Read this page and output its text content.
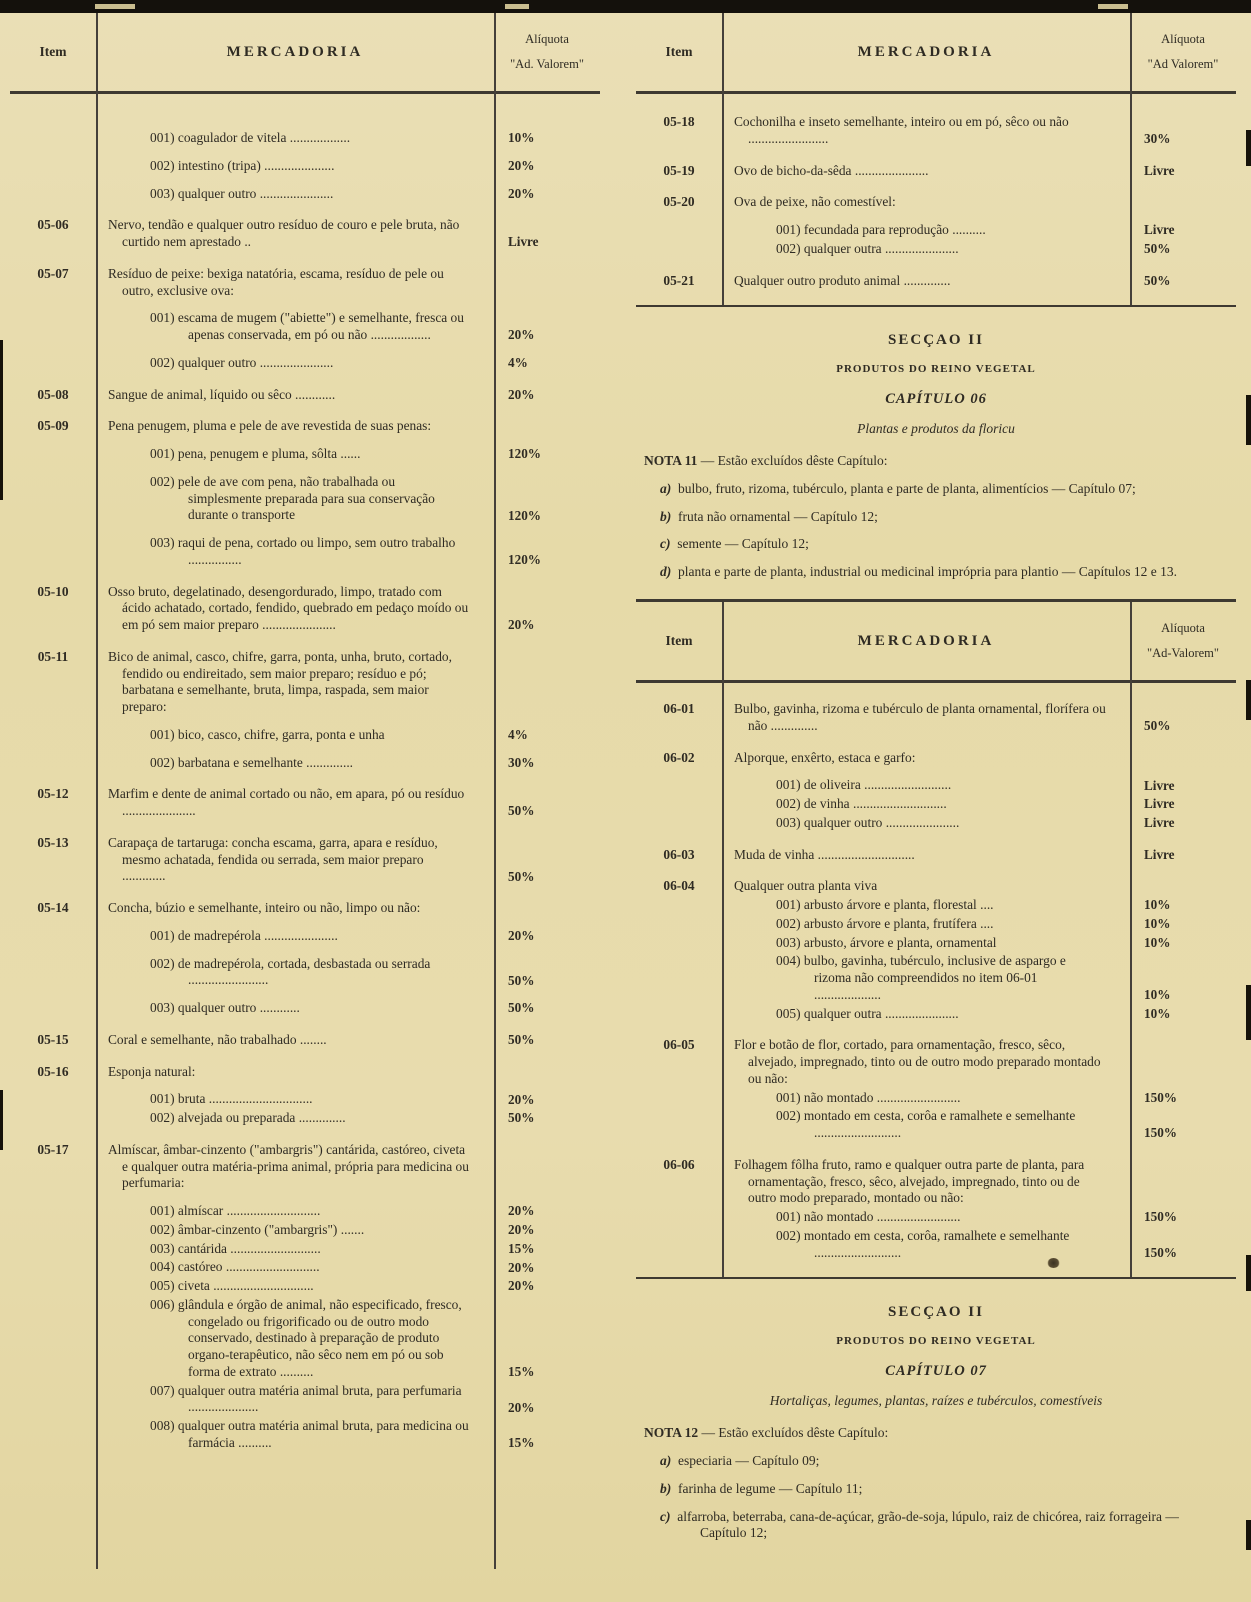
Item	MERCADORIA
Alíquota
"Ad. Valorem"

001) coagulador de vitela ..................	10%

002) intestino (tripa) .....................	20%

003) qualquer outro ......................	20%
05-06	Nervo, tendão e qualquer outro resíduo de couro e pele bruta, não curtido nem aprestado ..	Livre
05-07	Resíduo de peixe: bexiga natatória, escama, resíduo de pele ou outro, exclusive ova:

001) escama de mugem ("abiette") e semelhante, fresca ou apenas conservada, em pó ou não ..................	20%

002) qualquer outro ......................	4%
05-08	Sangue de animal, líquido ou sêco ............	20%
05-09	Pena penugem, pluma e pele de ave revestida de suas penas:

001) pena, penugem e pluma, sôlta ......	120%

002) pele de ave com pena, não trabalhada ou simplesmente preparada para sua conservação durante o transporte	120%

003) raqui de pena, cortado ou limpo, sem outro trabalho ................	120%
05-10	Osso bruto, degelatinado, desengordurado, limpo, tratado com ácido achatado, cortado, fendido, quebrado em pedaço moído ou em pó sem maior preparo ......................	20%
05-11	Bico de animal, casco, chifre, garra, ponta, unha, bruto, cortado, fendido ou endireitado, sem maior preparo; resíduo e pó; barbatana e semelhante, bruta, limpa, raspada, sem maior preparo:

001) bico, casco, chifre, garra, ponta e unha	4%

002) barbatana e semelhante ..............	30%
05-12	Marfim e dente de animal cortado ou não, em apara, pó ou resíduo ......................	50%
05-13	Carapaça de tartaruga: concha escama, garra, apara e resíduo, mesmo achatada, fendida ou serrada, sem maior preparo .............	50%
05-14	Concha, búzio e semelhante, inteiro ou não, limpo ou não:

001) de madrepérola ......................	20%

002) de madrepérola, cortada, desbastada ou serrada ........................	50%

003) qualquer outro ............	50%
05-15	Coral e semelhante, não trabalhado ........	50%
05-16	Esponja natural:

001) bruta ...............................	20%

002) alvejada ou preparada ..............	50%
05-17	Almíscar, âmbar-cinzento ("ambargris") cantárida, castóreo, civeta e qualquer outra matéria-prima animal, própria para medicina ou perfumaria:

001) almíscar ............................	20%

002) âmbar-cinzento ("ambargris") .......	20%

003) cantárida ...........................	15%

004) castóreo ............................	20%

005) civeta ..............................	20%

006) glândula e órgão de animal, não especificado, fresco, congelado ou frigorificado ou de outro modo conservado, destinado à preparação de produto organo-terapêutico, não sêco nem em pó ou sob forma de extrato ..........	15%

007) qualquer outra matéria animal bruta, para perfumaria .....................	20%

008) qualquer outra matéria animal bruta, para medicina ou farmácia ..........	15%
Item	MERCADORIA
Alíquota
"Ad Valorem"
05-18	Cochonilha e inseto semelhante, inteiro ou em pó, sêco ou não ........................	30%
05-19	Ovo de bicho-da-sêda ......................	Livre
05-20	Ova de peixe, não comestível:

001) fecundada para reprodução ..........	Livre

002) qualquer outra ......................	50%
05-21	Qualquer outro produto animal ..............	50%
SECÇAO II
PRODUTOS DO REINO VEGETAL
CAPÍTULO 06
Plantas e produtos da floricu
NOTA 11 — Estão excluídos dêste Capítulo:
a)  bulbo, fruto, rizoma, tubérculo, planta e parte de planta, alimentícios — Capítulo 07;
b)  fruta não ornamental — Capítulo 12;
c)  semente — Capítulo 12;
d)  planta e parte de planta, industrial ou medicinal imprópria para plantio — Capítulos 12 e 13.
Item	MERCADORIA
Alíquota
"Ad-Valorem"
06-01	Bulbo, gavinha, rizoma e tubérculo de planta ornamental, florífera ou não ..............	50%
06-02	Alporque, enxêrto, estaca e garfo:

001) de oliveira ..........................	Livre

002) de vinha ............................	Livre

003) qualquer outro ......................	Livre
06-03	Muda de vinha .............................	Livre
06-04	Qualquer outra planta viva

001) arbusto árvore e planta, florestal ....	10%

002) arbusto árvore e planta, frutífera ....	10%

003) arbusto, árvore e planta, ornamental	10%

004) bulbo, gavinha, tubérculo, inclusive de aspargo e rizoma não compreendidos no item 06-01 ....................	10%

005) qualquer outra ......................	10%
06-05	Flor e botão de flor, cortado, para ornamentação, fresco, sêco, alvejado, impregnado, tinto ou de outro modo preparado montado ou não:

001) não montado .........................	150%

002) montado em cesta, corôa e ramalhete e semelhante ..........................	150%
06-06	Folhagem fôlha fruto, ramo e qualquer outra parte de planta, para ornamentação, fresco, sêco, alvejado, impregnado, tinto ou de outro modo preparado, montado ou não:

001) não montado .........................	150%

002) montado em cesta, corôa, ramalhete e semelhante ..........................	150%
SECÇAO II
PRODUTOS DO REINO VEGETAL
CAPÍTULO 07
Hortaliças, legumes, plantas, raízes e tubérculos, comestíveis
NOTA 12 — Estão excluídos dêste Capítulo:
a)  especiaria — Capítulo 09;
b)  farinha de legume — Capítulo 11;
c)  alfarroba, beterraba, cana-de-açúcar, grão-de-soja, lúpulo, raiz de chicórea, raiz forrageira — Capítulo 12;
